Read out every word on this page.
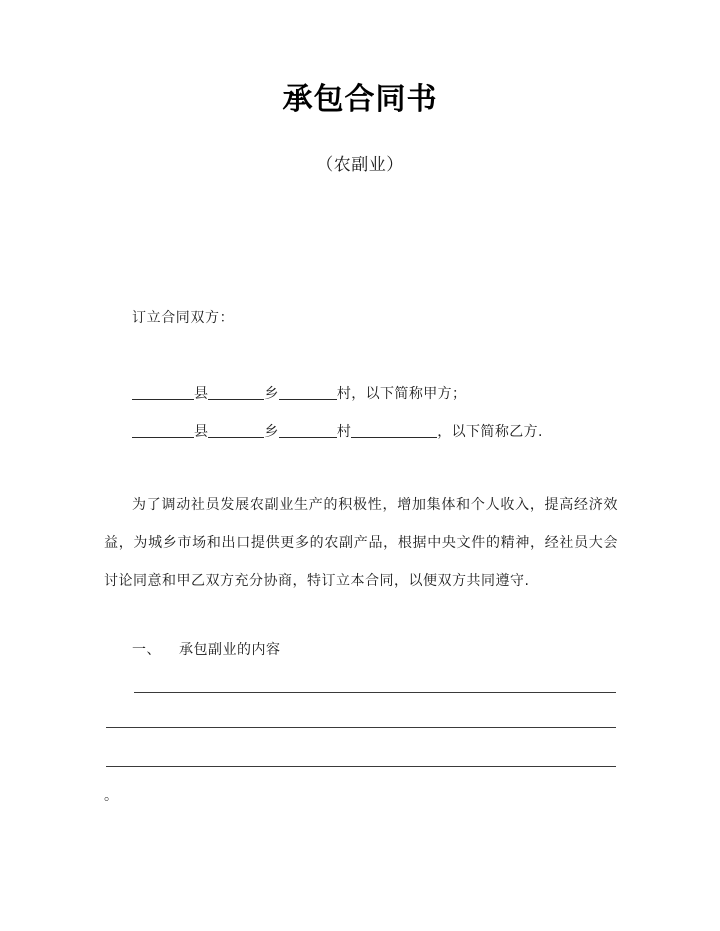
承包合同书
（农副业）
订立合同双方：
县	乡	村，以下简称甲方；
县	乡	村	，以下简称乙方.
为了调动社员发展农副业生产的积极性，增加集体和个人收入，提高经济效益，为城乡市场和出口提供更多的农副产品，根据中央文件的精神，经社员大会讨论同意和甲乙双方充分协商，特订立本合同，以便双方共同遵守.
一、 承包副业的内容
。
